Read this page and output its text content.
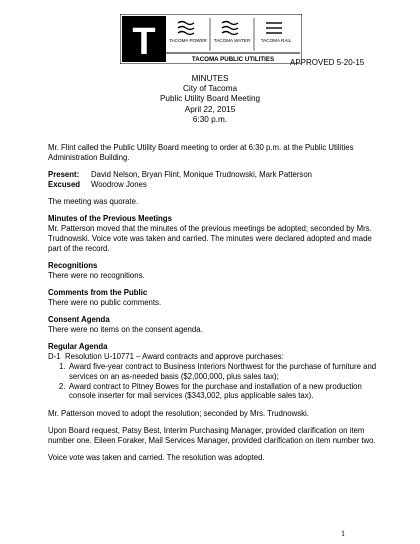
T	TACOMA POWER TACOMA WATER TACOMA RAIL
TACOMA PUBLIC UTILITIES APPROVED 5-20-15
MINUTES
City of Tacoma
Public Utility Board Meeting
April 22, 2015
6:30 p.m.

Mr. Flint called the Public Utility Board meeting to order at 6:30 p.m. at the Public Utilities Administration Building.

Present:	David Nelson, Bryan Flint, Monique Trudnowski, Mark Patterson
Excused	Woodrow Jones

The meeting was quorate.

Minutes of the Previous Meetings

Mr. Patterson moved that the minutes of the previous meetings be adopted; seconded by Mrs. Trudnowski. Voice vote was taken and carried. The minutes were declared adopted and made part of the record.

Recognitions

There were no recognitions.

Comments from the Public

There were no public comments.

Consent Agenda

There were no items on the consent agenda.

Regular Agenda

D-1 Resolution U-10771 – Award contracts and approve purchases:
1. Award five-year contract to Business Interiors Northwest for the purchase of furniture and services on an as-needed basis ($2,000,000, plus sales tax);
2. Award contract to Pitney Bowes for the purchase and installation of a new production console inserter for mail services ($343,002, plus applicable sales tax).

Mr. Patterson moved to adopt the resolution; seconded by Mrs. Trudnowski.

Upon Board request, Patsy Best, Interim Purchasing Manager, provided clarification on item number one. Eileen Foraker, Mail Services Manager, provided clarification on item number two.

Voice vote was taken and carried. The resolution was adopted.

1
